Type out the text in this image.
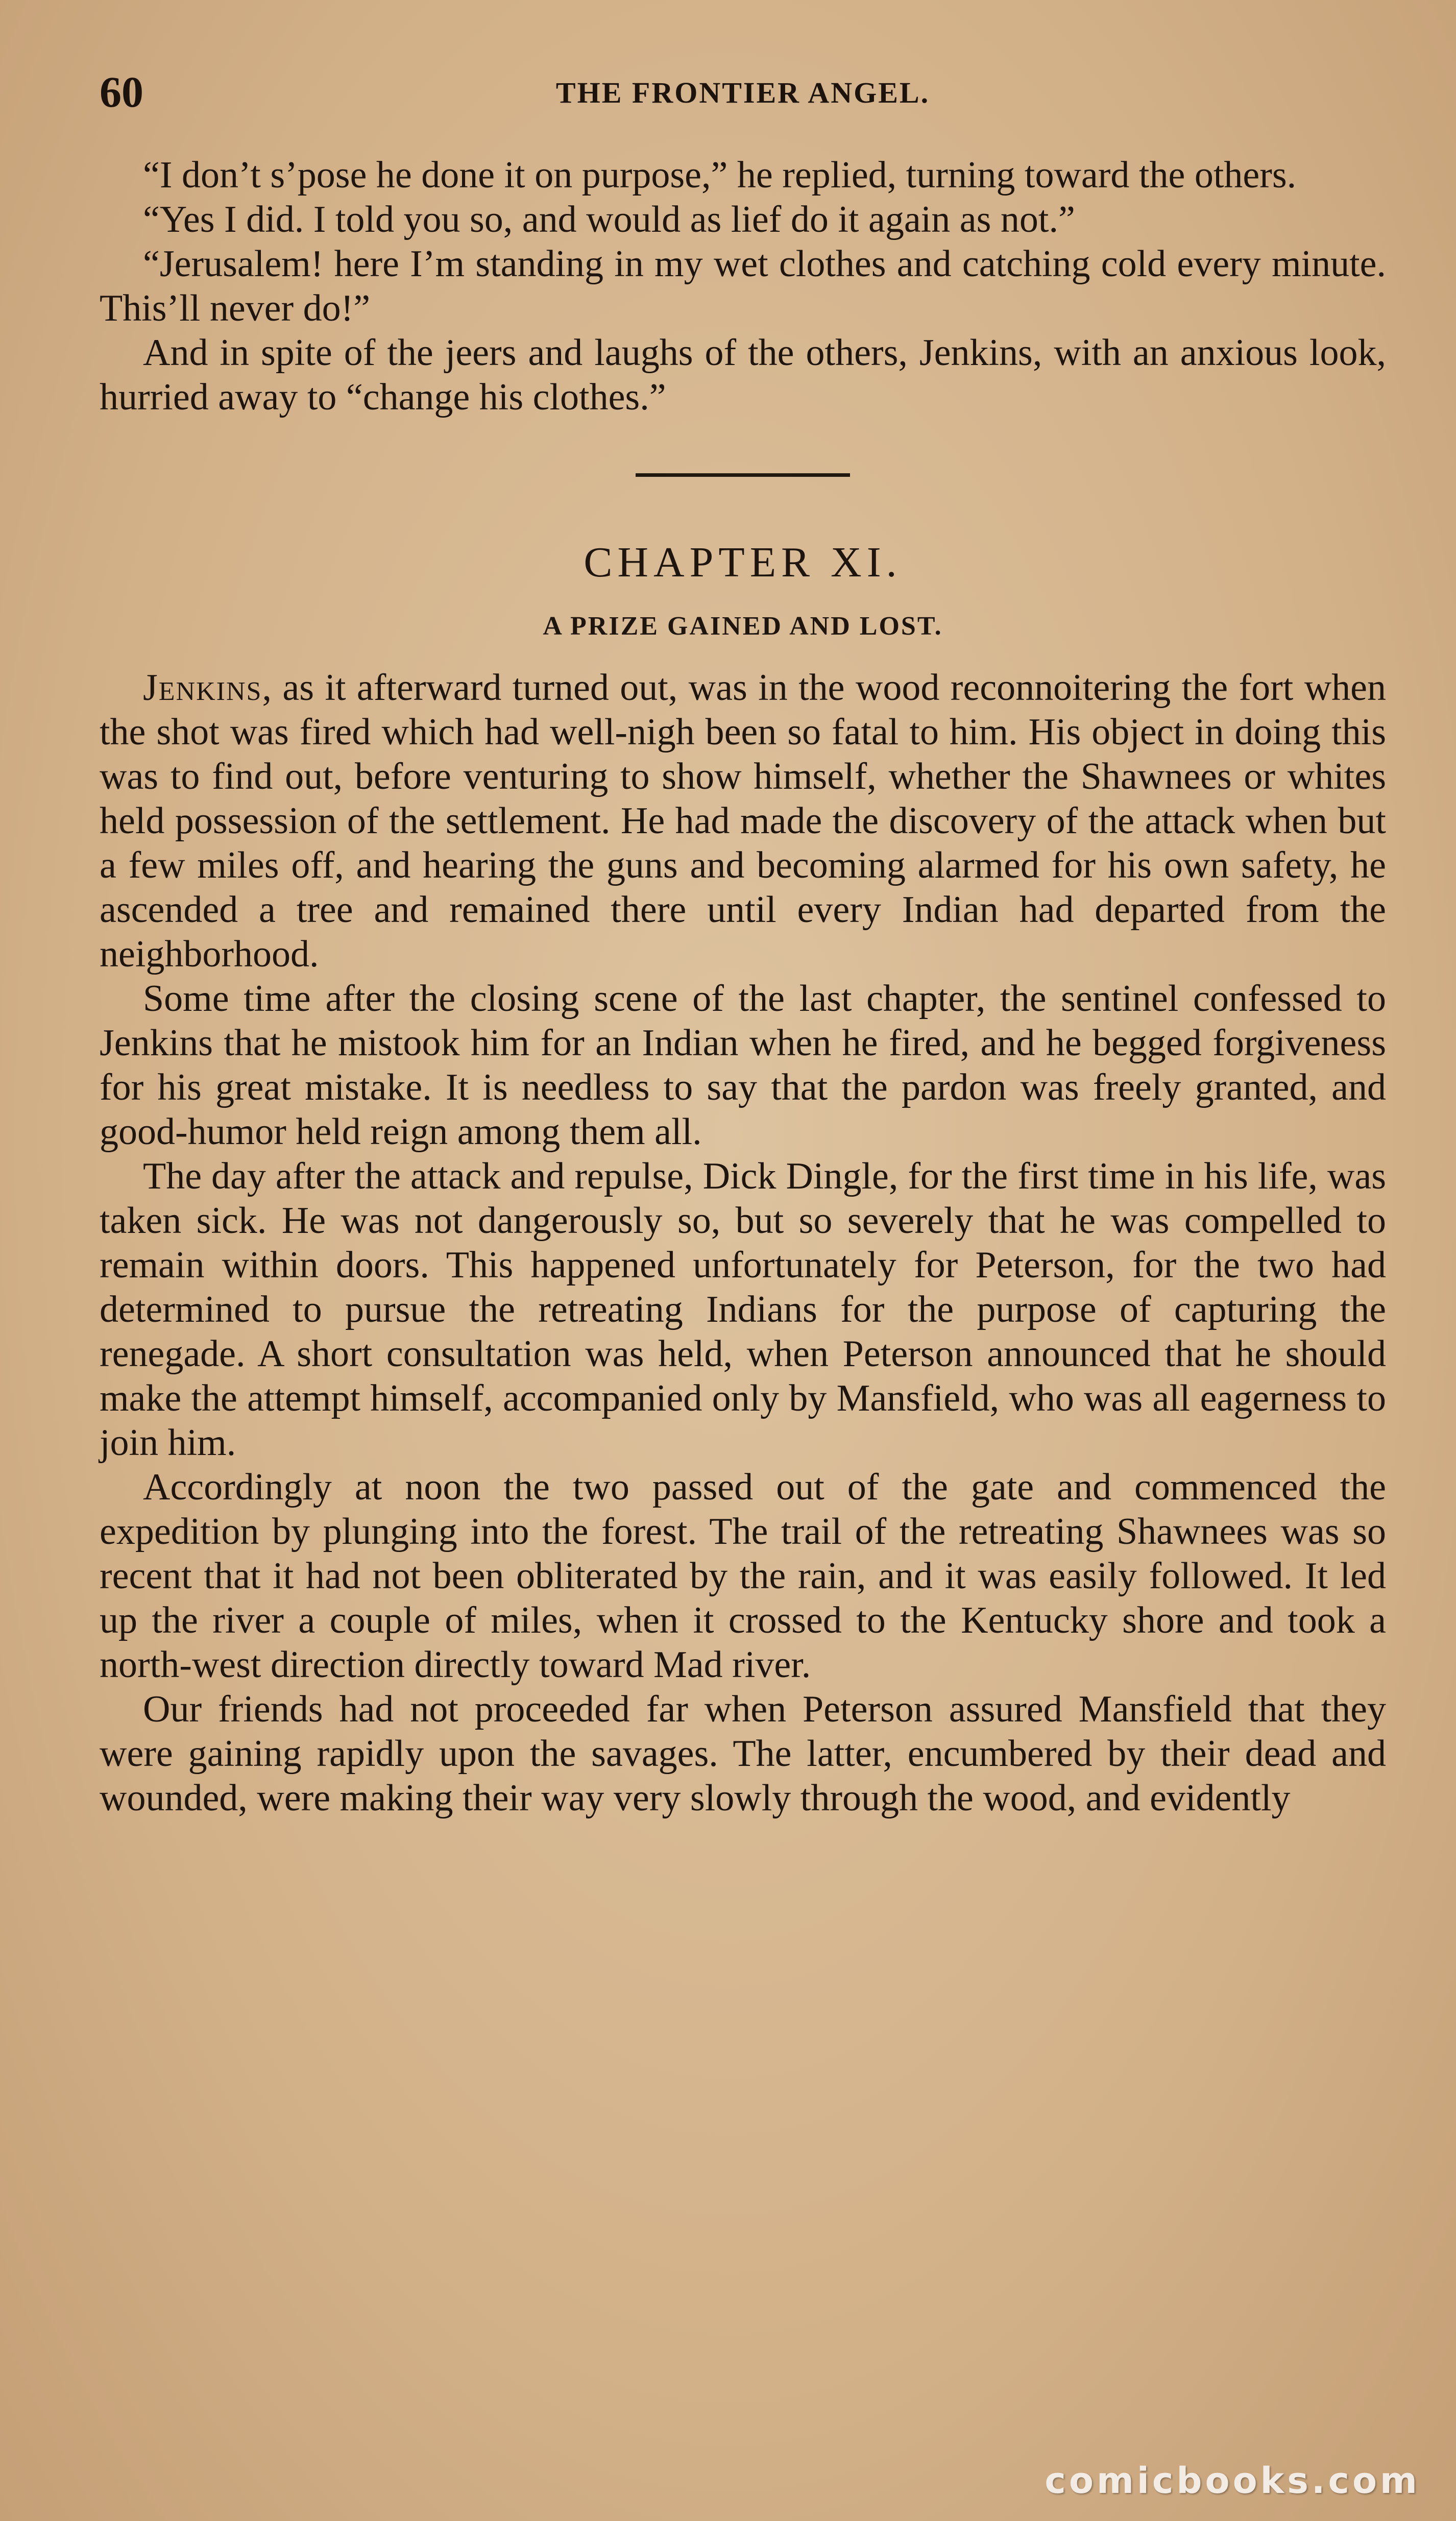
60	THE FRONTIER ANGEL.

“I don’t s’pose he done it on purpose,” he replied, turning toward the others.

“Yes I did. I told you so, and would as lief do it again as not.”

“Jerusalem! here I’m standing in my wet clothes and catching cold every minute. This’ll never do!”

And in spite of the jeers and laughs of the others, Jenkins, with an anxious look, hurried away to “change his clothes.”

CHAPTER XI.
A PRIZE GAINED AND LOST.

Jenkins, as it afterward turned out, was in the wood reconnoitering the fort when the shot was fired which had well-nigh been so fatal to him. His object in doing this was to find out, before venturing to show himself, whether the Shawnees or whites held possession of the settlement. He had made the discovery of the attack when but a few miles off, and hearing the guns and becoming alarmed for his own safety, he ascended a tree and remained there until every Indian had departed from the neighborhood.

Some time after the closing scene of the last chapter, the sentinel confessed to Jenkins that he mistook him for an Indian when he fired, and he begged forgiveness for his great mistake. It is needless to say that the pardon was freely granted, and good-humor held reign among them all.

The day after the attack and repulse, Dick Dingle, for the first time in his life, was taken sick. He was not dangerously so, but so severely that he was compelled to remain within doors. This happened unfortunately for Peterson, for the two had determined to pursue the retreating Indians for the purpose of capturing the renegade. A short consultation was held, when Peterson announced that he should make the attempt himself, accompanied only by Mansfield, who was all eagerness to join him.

Accordingly at noon the two passed out of the gate and commenced the expedition by plunging into the forest. The trail of the retreating Shawnees was so recent that it had not been obliterated by the rain, and it was easily followed. It led up the river a couple of miles, when it crossed to the Kentucky shore and took a north-west direction directly toward Mad river.

Our friends had not proceeded far when Peterson assured Mansfield that they were gaining rapidly upon the savages. The latter, encumbered by their dead and wounded, were making their way very slowly through the wood, and evidently

comicbooks.com
